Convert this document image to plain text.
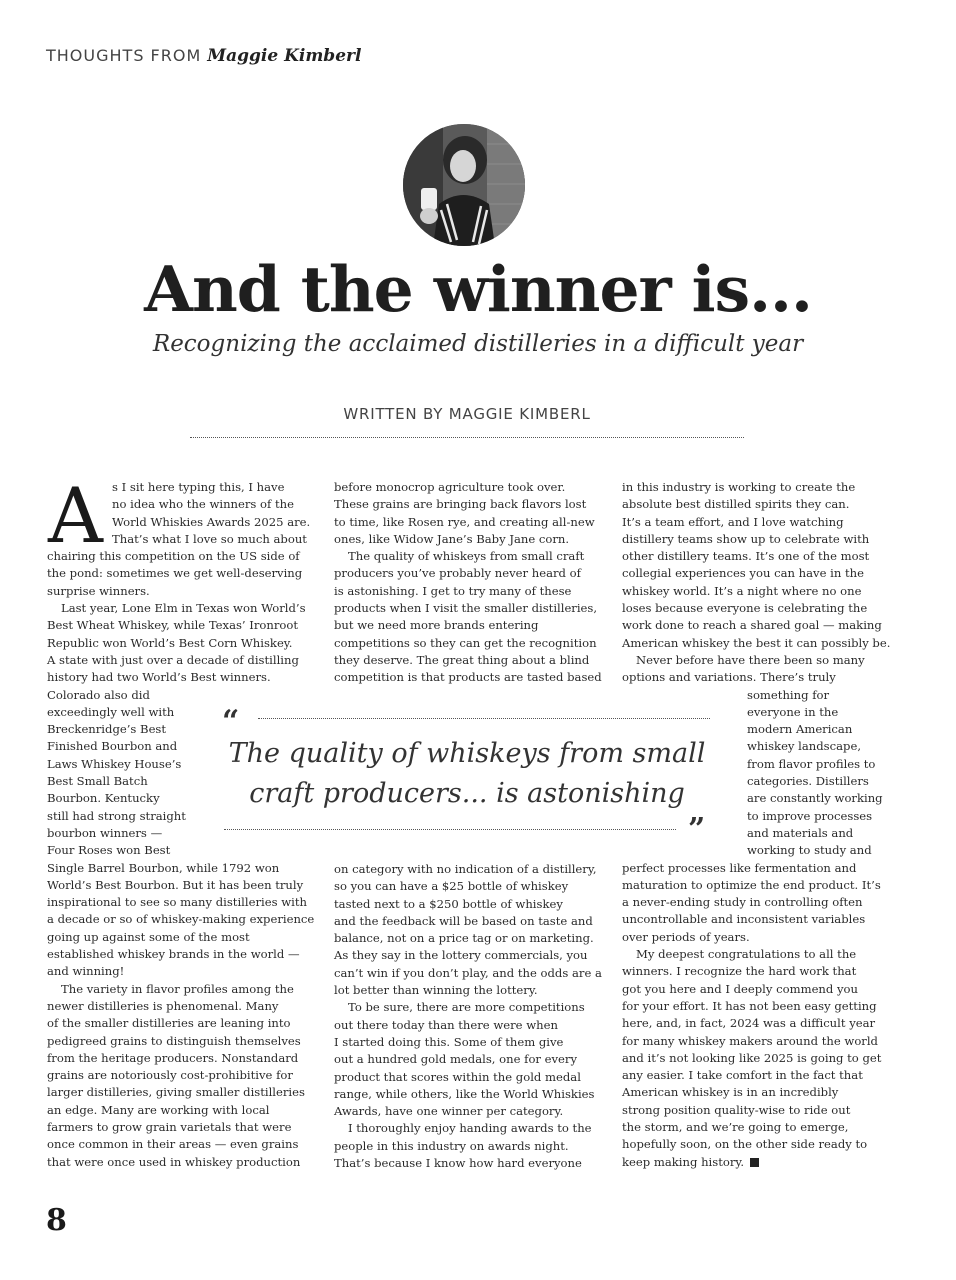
THOUGHTS FROM Maggie Kimberl
And the winner is...
Recognizing the acclaimed distilleries in a difficult year
WRITTEN BY MAGGIE KIMBERL
A s I sit here typing this, I have
no idea who the winners of the
World Whiskies Awards 2025 are.
That’s what I love so much about
chairing this competition on the US side of
the pond: sometimes we get well-deserving
surprise winners.
Last year, Lone Elm in Texas won World’s
Best Wheat Whiskey, while Texas’ Ironroot
Republic won World’s Best Corn Whiskey.
A state with just over a decade of distilling
history had two World’s Best winners.
Colorado also did
exceedingly well with
Breckenridge’s Best
Finished Bourbon and
Laws Whiskey House’s
Best Small Batch
Bourbon. Kentucky
still had strong straight
bourbon winners —
Four Roses won Best
Single Barrel Bourbon, while 1792 won
World’s Best Bourbon. But it has been truly
inspirational to see so many distilleries with
a decade or so of whiskey-making experience
going up against some of the most
established whiskey brands in the world —
and winning!
The variety in flavor profiles among the
newer distilleries is phenomenal. Many
of the smaller distilleries are leaning into
pedigreed grains to distinguish themselves
from the heritage producers. Nonstandard
grains are notoriously cost-prohibitive for
larger distilleries, giving smaller distilleries
an edge. Many are working with local
farmers to grow grain varietals that were
once common in their areas — even grains
that were once used in whiskey production
before monocrop agriculture took over.
These grains are bringing back flavors lost
to time, like Rosen rye, and creating all-new
ones, like Widow Jane’s Baby Jane corn.
The quality of whiskeys from small craft
producers you’ve probably never heard of
is astonishing. I get to try many of these
products when I visit the smaller distilleries,
but we need more brands entering
competitions so they can get the recognition
they deserve. The great thing about a blind
competition is that products are tasted based
“
The quality of whiskeys from small
craft producers... is astonishing
”
on category with no indication of a distillery,
so you can have a $25 bottle of whiskey
tasted next to a $250 bottle of whiskey
and the feedback will be based on taste and
balance, not on a price tag or on marketing.
As they say in the lottery commercials, you
can’t win if you don’t play, and the odds are a
lot better than winning the lottery.
To be sure, there are more competitions
out there today than there were when
I started doing this. Some of them give
out a hundred gold medals, one for every
product that scores within the gold medal
range, while others, like the World Whiskies
Awards, have one winner per category.
I thoroughly enjoy handing awards to the
people in this industry on awards night.
That’s because I know how hard everyone
in this industry is working to create the
absolute best distilled spirits they can.
It’s a team effort, and I love watching
distillery teams show up to celebrate with
other distillery teams. It’s one of the most
collegial experiences you can have in the
whiskey world. It’s a night where no one
loses because everyone is celebrating the
work done to reach a shared goal — making
American whiskey the best it can possibly be.
Never before have there been so many
options and variations. There’s truly
something for
everyone in the
modern American
whiskey landscape,
from flavor profiles to
categories. Distillers
are constantly working
to improve processes
and materials and
working to study and
perfect processes like fermentation and
maturation to optimize the end product. It’s
a never-ending study in controlling often
uncontrollable and inconsistent variables
over periods of years.
My deepest congratulations to all the
winners. I recognize the hard work that
got you here and I deeply commend you
for your effort. It has not been easy getting
here, and, in fact, 2024 was a difficult year
for many whiskey makers around the world
and it’s not looking like 2025 is going to get
any easier. I take comfort in the fact that
American whiskey is in an incredibly
strong position quality-wise to ride out
the storm, and we’re going to emerge,
hopefully soon, on the other side ready to
keep making history.
8
